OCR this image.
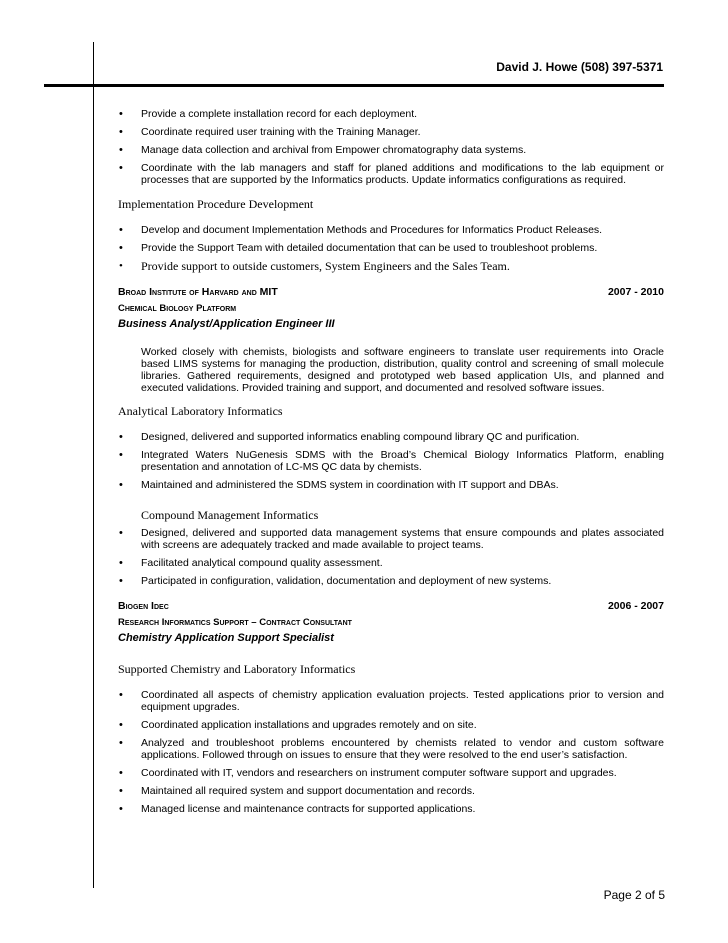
David J. Howe (508) 397-5371
• Provide a complete installation record for each deployment.
• Coordinate required user training with the Training Manager.
• Manage data collection and archival from Empower chromatography data systems.
• Coordinate with the lab managers and staff for planed additions and modifications to the lab equipment or processes that are supported by the Informatics products. Update informatics configurations as required.
Implementation Procedure Development
• Develop and document Implementation Methods and Procedures for Informatics Product Releases.
• Provide the Support Team with detailed documentation that can be used to troubleshoot problems.
• Provide support to outside customers, System Engineers and the Sales Team.
Broad Institute of Harvard and MIT	2007 - 2010
Chemical Biology Platform
Business Analyst/Application Engineer III
Worked closely with chemists, biologists and software engineers to translate user requirements into Oracle based LIMS systems for managing the production, distribution, quality control and screening of small molecule libraries. Gathered requirements, designed and prototyped web based application UIs, and planned and executed validations. Provided training and support, and documented and resolved software issues.
Analytical Laboratory Informatics
• Designed, delivered and supported informatics enabling compound library QC and purification.
• Integrated Waters NuGenesis SDMS with the Broad’s Chemical Biology Informatics Platform, enabling presentation and annotation of LC-MS QC data by chemists.
• Maintained and administered the SDMS system in coordination with IT support and DBAs.
Compound Management Informatics
• Designed, delivered and supported data management systems that ensure compounds and plates associated with screens are adequately tracked and made available to project teams.
• Facilitated analytical compound quality assessment.
• Participated in configuration, validation, documentation and deployment of new systems.
Biogen Idec	2006 - 2007
Research Informatics Support – Contract Consultant
Chemistry Application Support Specialist
Supported Chemistry and Laboratory Informatics
• Coordinated all aspects of chemistry application evaluation projects. Tested applications prior to version and equipment upgrades.
• Coordinated application installations and upgrades remotely and on site.
• Analyzed and troubleshoot problems encountered by chemists related to vendor and custom software applications. Followed through on issues to ensure that they were resolved to the end user’s satisfaction.
• Coordinated with IT, vendors and researchers on instrument computer software support and upgrades.
• Maintained all required system and support documentation and records.
• Managed license and maintenance contracts for supported applications.
Page 2 of 5
